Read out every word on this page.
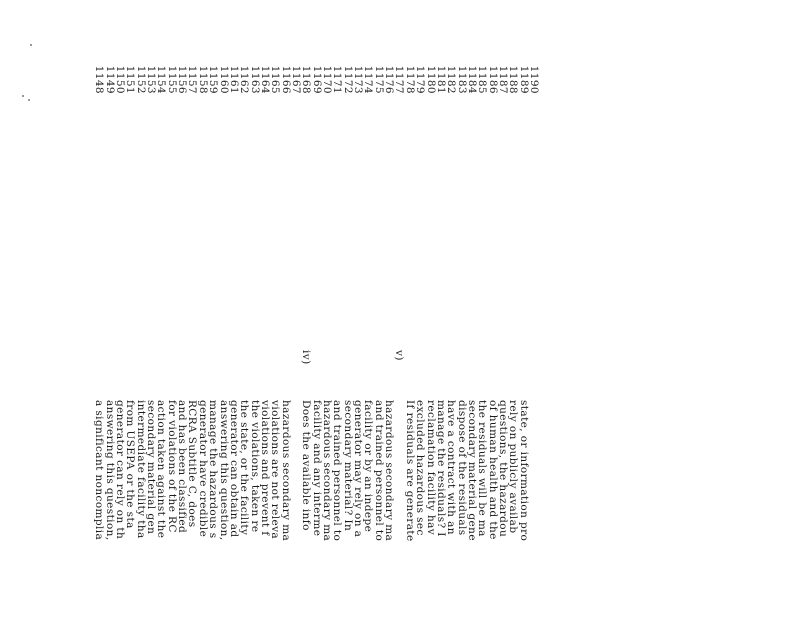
1148
a significant noncomplia
1149
answering this question,
1150
generator can rely on th
1151
from USEPA or the sta
1152
intermediate facility tha
1153
secondary material gen
1154
action taken against the
1155
for violations of the RC
1156
and has been classified
1157
RCRA Subtitle C, does
1158
generator have credible
1159
manage the hazardous s
1160
answering this question,
1161
generator can obtain ad
1162
the state, or the facility
1163
the violations, taken re
1164
violations and prevent f
1165
violations are not releva
1166
hazardous secondary ma
1167
1168
iv)
Does the available info
1169
facility and any interme
1170
hazardous secondary ma
1171
and trained personnel to
1172
secondary material? In
1173
generator may rely on a
1174
facility or by an indepe
1175
and trained personnel to
1176
hazardous secondary ma
1177
v)
1178
If residuals are generate
1179
excluded hazardous sec
1180
reclamation facility hav
1181
manage the residuals? I
1182
have a contract with an
1183
dispose of the residuals
1184
secondary material gene
1185
the residuals will be ma
1186
of human health and the
1187
questions, the hazardou
1188
rely on publicly availab
1189
state, or information pro
1190
